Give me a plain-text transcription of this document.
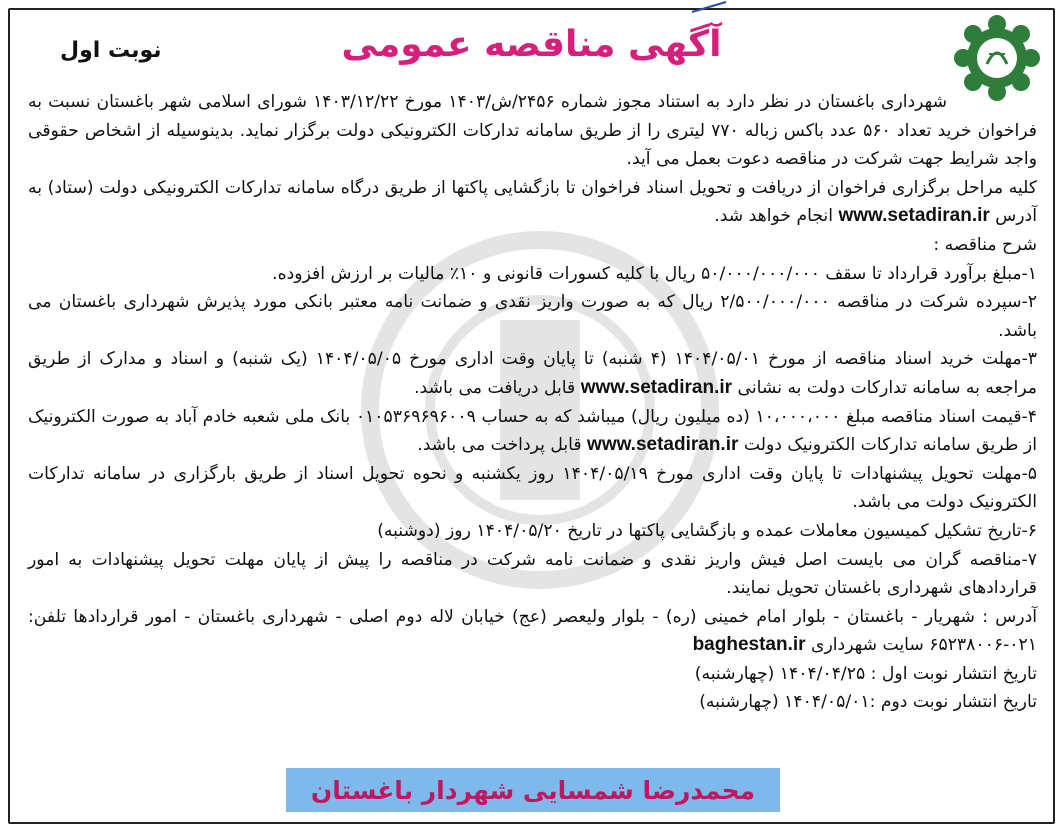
نوبت اول	آگهی مناقصه عمومی

شهرداری باغستان در نظر دارد به استناد مجوز شماره ۲۴۵۶/ش/۱۴۰۳ مورخ ۱۴۰۳/۱۲/۲۲ شورای اسلامی شهر باغستان نسبت به فراخوان خرید تعداد ۵۶۰ عدد باکس زباله ۷۷۰ لیتری را از طریق سامانه تدارکات الکترونیکی دولت برگزار نماید. بدینوسیله از اشخاص حقوقی واجد شرایط جهت شرکت در مناقصه دعوت بعمل می آید.

کلیه مراحل برگزاری فراخوان از دریافت و تحویل اسناد فراخوان تا بازگشایی پاکتها از طریق درگاه سامانه تدارکات الکترونیکی دولت (ستاد) به آدرس www.setadiran.ir انجام خواهد شد.

شرح مناقصه :

۱-مبلغ برآورد قرارداد تا سقف ۵۰/۰۰۰/۰۰۰/۰۰۰ ریال با کلیه کسورات قانونی و ۱۰٪ مالیات بر ارزش افزوده.

۲-سپرده شرکت در مناقصه ۲/۵۰۰/۰۰۰/۰۰۰ ریال که به صورت واریز نقدی و ضمانت نامه معتبر بانکی مورد پذیرش شهرداری باغستان می باشد.

۳-مهلت خرید اسناد مناقصه از مورخ ۱۴۰۴/۰۵/۰۱ (۴ شنبه) تا پایان وقت اداری مورخ ۱۴۰۴/۰۵/۰۵ (یک شنبه) و اسناد و مدارک از طریق مراجعه به سامانه تدارکات دولت به نشانی www.setadiran.ir قابل دریافت می باشد.

۴-قیمت اسناد مناقصه مبلغ ۱۰،۰۰۰،۰۰۰ (ده میلیون ریال) میباشد که به حساب ۰۱۰۵۳۶۹۶۹۶۰۰۹ بانک ملی شعبه خادم آباد به صورت الکترونیک از طریق سامانه تدارکات الکترونیک دولت www.setadiran.ir قابل پرداخت می باشد.

۵-مهلت تحویل پیشنهادات تا پایان وقت اداری مورخ ۱۴۰۴/۰۵/۱۹ روز یکشنبه و نحوه تحویل اسناد از طریق بارگزاری در سامانه تدارکات الکترونیک دولت می باشد.

۶-تاریخ تشکیل کمیسیون معاملات عمده و بازگشایی پاکتها در تاریخ ۱۴۰۴/۰۵/۲۰ روز (دوشنبه)

۷-مناقصه گران می بایست اصل فیش واریز نقدی و ضمانت نامه شرکت در مناقصه را پیش از پایان مهلت تحویل پیشنهادات به امور قراردادهای شهرداری باغستان تحویل نمایند.

آدرس : شهریار - باغستان - بلوار امام خمینی (ره) - بلوار ولیعصر (عج) خیابان لاله دوم اصلی - شهرداری باغستان - امور قراردادها تلفن: ۰۲۱-۶۵۲۳۸۰۰۶ سایت شهرداری baghestan.ir

تاریخ انتشار نوبت اول : ۱۴۰۴/۰۴/۲۵ (چهارشنبه)

تاریخ انتشار نوبت دوم :۱۴۰۴/۰۵/۰۱ (چهارشنبه)

محمدرضا شمسایی شهردار باغستان
